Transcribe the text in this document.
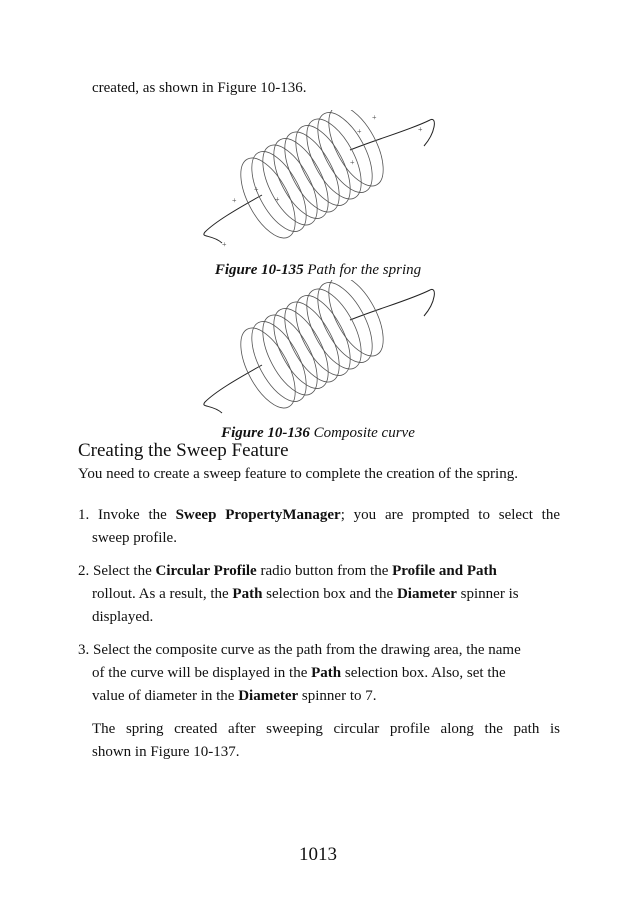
created, as shown in Figure 10-136.
+
+
+
+
+
+
+
+
Figure 10-135 Path for the spring
Figure 10-136 Composite curve
Creating the Sweep Feature
You need to create a sweep feature to complete the creation of the spring.
1. Invoke the Sweep PropertyManager; you are prompted to select the
sweep profile.
2. Select the Circular Profile radio button from the Profile and Path
rollout. As a result, the Path selection box and the Diameter spinner is
displayed.
3. Select the composite curve as the path from the drawing area, the name
of the curve will be displayed in the Path selection box. Also, set the
value of diameter in the Diameter spinner to 7.
The spring created after sweeping circular profile along the path is
shown in Figure 10-137.
1013
